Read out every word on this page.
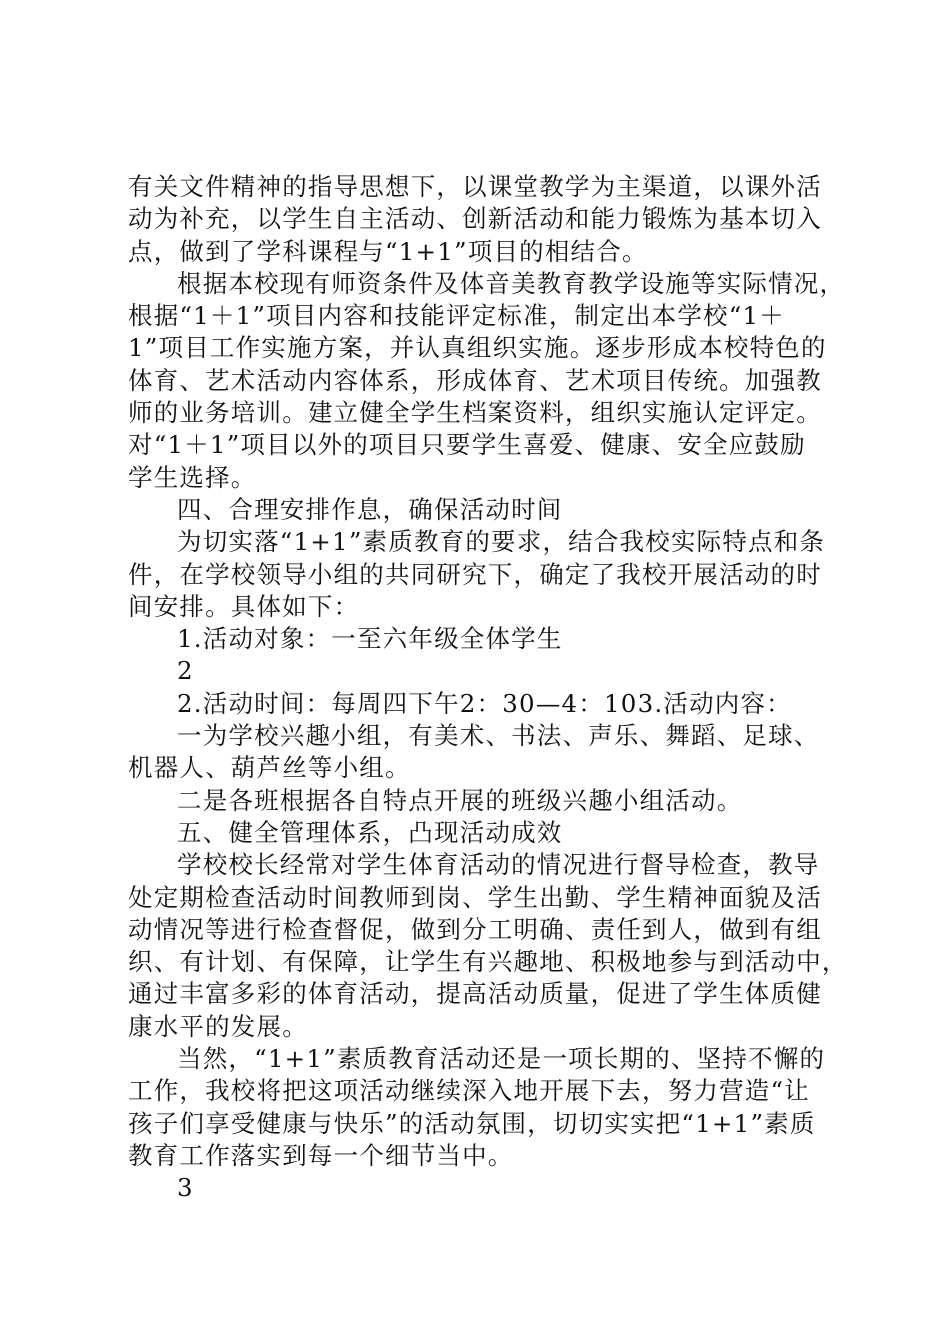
有关文件精神的指导思想下，以课堂教学为主渠道，以课外活
动为补充，以学生自主活动、创新活动和能力锻炼为基本切入
点，做到了学科课程与“1+1”项目的相结合。
根据本校现有师资条件及体音美教育教学设施等实际情况，
根据“1＋1”项目内容和技能评定标准，制定出本学校“1＋
1”项目工作实施方案，并认真组织实施。逐步形成本校特色的
体育、艺术活动内容体系，形成体育、艺术项目传统。加强教
师的业务培训。建立健全学生档案资料，组织实施认定评定。
对“1＋1”项目以外的项目只要学生喜爱、健康、安全应鼓励
学生选择。
四、合理安排作息，确保活动时间
为切实落“1+1”素质教育的要求，结合我校实际特点和条
件，在学校领导小组的共同研究下，确定了我校开展活动的时
间安排。具体如下：
1.活动对象：一至六年级全体学生
2
2.活动时间：每周四下午2：30—4：103.活动内容：
一为学校兴趣小组，有美术、书法、声乐、舞蹈、足球、
机器人、葫芦丝等小组。
二是各班根据各自特点开展的班级兴趣小组活动。
五、健全管理体系，凸现活动成效
学校校长经常对学生体育活动的情况进行督导检查，教导
处定期检查活动时间教师到岗、学生出勤、学生精神面貌及活
动情况等进行检查督促，做到分工明确、责任到人，做到有组
织、有计划、有保障，让学生有兴趣地、积极地参与到活动中，
通过丰富多彩的体育活动，提高活动质量，促进了学生体质健
康水平的发展。
当然，“1+1”素质教育活动还是一项长期的、坚持不懈的
工作，我校将把这项活动继续深入地开展下去，努力营造“让
孩子们享受健康与快乐”的活动氛围，切切实实把“1+1”素质
教育工作落实到每一个细节当中。
3
